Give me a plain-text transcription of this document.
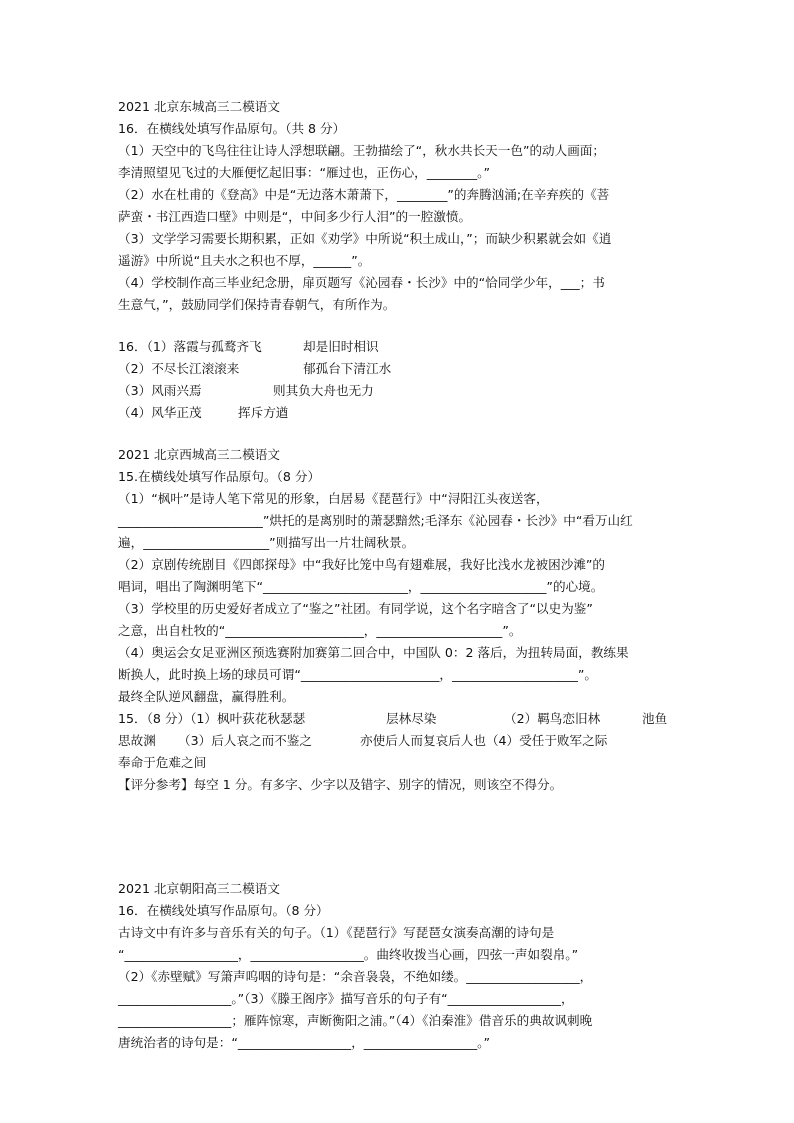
2021 北京东城高三二模语文
16．在横线处填写作品原句。（共 8 分）
（1）天空中的飞鸟往往让诗人浮想联翩。王勃描绘了“，秋水共长天一色”的动人画面；
李清照望见飞过的大雁便忆起旧事：“雁过也，正伤心，________。”
（2）水在杜甫的《登高》中是“无边落木萧萧下，________”的奔腾汹涌;在辛弃疾的《菩
萨蛮・书江西造口壁》中则是“，中间多少行人泪”的一腔激愤。
（3）文学学习需要长期积累，正如《劝学》中所说“积土成山，”；而缺少积累就会如《逍
遥游》中所说“且夫水之积也不厚，______”。
（4）学校制作高三毕业纪念册，扉页题写《沁园春・长沙》中的“恰同学少年，___；书
生意气，”，鼓励同学们保持青春朝气，有所作为。
16．（1）落霞与孤鹜齐飞	却是旧时相识
（2）不尽长江滚滚来	郁孤台下清江水
（3）风雨兴焉	则其负大舟也无力
（4）风华正茂	挥斥方遒
2021 北京西城高三二模语文
15.在横线处填写作品原句。（8 分）
（1）“枫叶”是诗人笔下常见的形象，白居易《琵琶行》中“浔阳江头夜送客，
_______________________”烘托的是离别时的萧瑟黯然;毛泽东《沁园春・长沙》中“看万山红
遍，____________________”则描写出一片壮阔秋景。
（2）京剧传统剧目《四郎探母》中“我好比笼中鸟有翅难展，我好比浅水龙被困沙滩”的
唱词，唱出了陶渊明笔下“_______________________，____________________”的心境。
（3）学校里的历史爱好者成立了“鉴之”社团。有同学说，这个名字暗含了“以史为鉴”
之意，出自杜牧的“______________________，____________________”。
（4）奥运会女足亚洲区预选赛附加赛第二回合中，中国队 0：2 落后，为扭转局面，教练果
断换人，此时换上场的球员可谓“______________________，____________________”。
最终全队逆风翻盘，赢得胜利。
15．（8 分）（1）枫叶荻花秋瑟瑟	层林尽染	（2）羁鸟恋旧林	池鱼
思故渊	（3）后人哀之而不鉴之	亦使后人而复哀后人也（4）受任于败军之际
奉命于危难之间
【评分参考】每空 1 分。有多字、少字以及错字、别字的情况，则该空不得分。
2021 北京朝阳高三二模语文
16．在横线处填写作品原句。（8 分）
古诗文中有许多与音乐有关的句子。（1）《琵琶行》写琵琶女演奏高潮的诗句是
“__________________，__________________。曲终收拨当心画，四弦一声如裂帛。”
（2）《赤壁赋》写箫声呜咽的诗句是：“余音袅袅，不绝如缕。__________________，
__________________。”（3）《滕王阁序》描写音乐的句子有“__________________，
__________________；雁阵惊寒，声断衡阳之浦。”（4）《泊秦淮》借音乐的典故讽刺晚
唐统治者的诗句是：“__________________，__________________。”
